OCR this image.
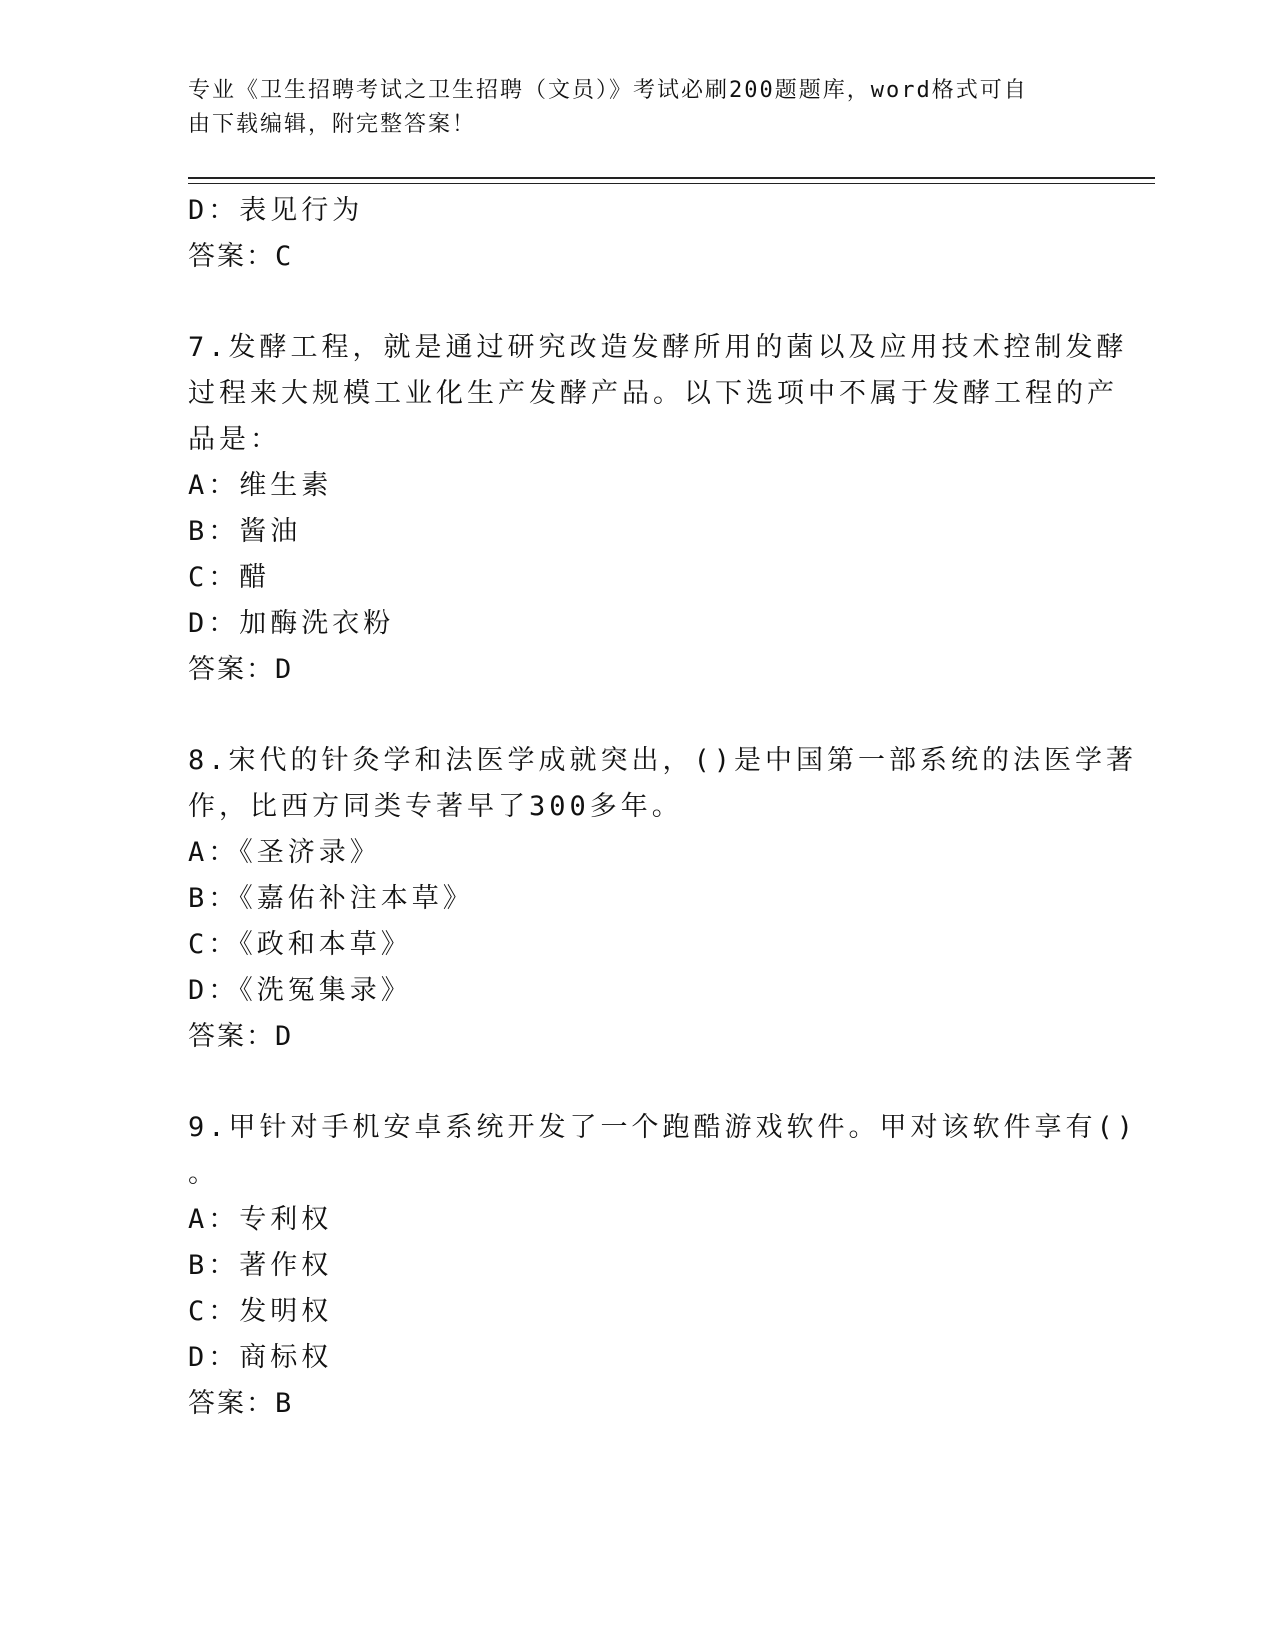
专业《卫生招聘考试之卫生招聘（文员）》考试必刷200题题库，word格式可自
由下载编辑，附完整答案！
D：表见行为
答案：C
7.发酵工程，就是通过研究改造发酵所用的菌以及应用技术控制发酵
过程来大规模工业化生产发酵产品。以下选项中不属于发酵工程的产
品是：
A：维生素
B：酱油
C：醋
D：加酶洗衣粉
答案：D
8.宋代的针灸学和法医学成就突出，()是中国第一部系统的法医学著
作，比西方同类专著早了300多年。
A：《圣济录》
B：《嘉佑补注本草》
C：《政和本草》
D：《洗冤集录》
答案：D
9.甲针对手机安卓系统开发了一个跑酷游戏软件。甲对该软件享有()
。
A：专利权
B：著作权
C：发明权
D：商标权
答案：B
